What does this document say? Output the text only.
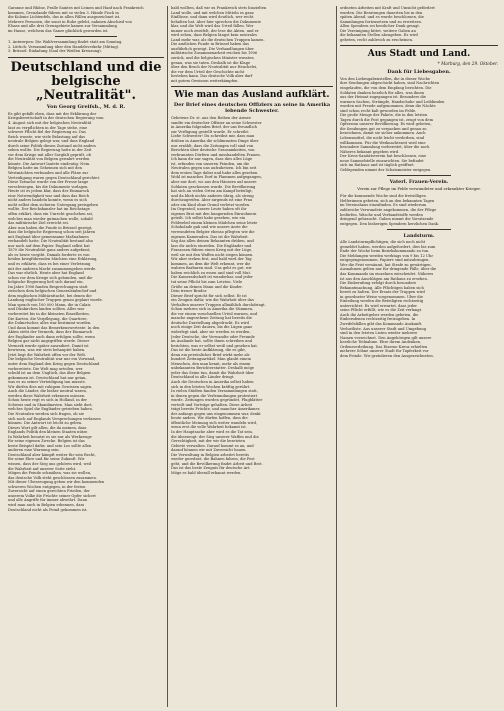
Garonne und Rhône, Pralle Saintes mit Leinen und Hanf nach Frankreich
kommen, Grenzlande führen mit so vielen 3. Hände Fisch in
die Kolonie Lichtenfels, das in allen Fällen ausgezeichnet ist.
Mehrere Personen, die sonst in Ruhe gelebt, nahmen Abschied von
Elsass und alle drei Grenzgebiete kamen zur Versammlung
im Hause, welchem das Ganze glücklich geworden ist.
1. Antwerpen: Die Wahlversammlung findet statt am Sonntag.
2. Lüttich: Versammlung über den Handelsverkehr (Mittag).
3. Brüssel: Einladung (Saal der Weißen Kreuzung).
Deutschland und die belgische „Neutralität".
Von Georg Greifsh., M. d. R.
Es gibt gefallt eben, dass mit der Erklärung der
Kriegsbereitschaft in der deutschen Regierung vom
4. August sich mit der belgischen Neutralität
laut zu verpflichten in der Tage stehe, eine
schwere Pflicht fiel der Regierung zu. Das
Reich wusste, wie viele Belastung auf das
neutrale Belgien gelegt war, und dass England
durch seine Politik diesen Zustand nicht anders
sehen wollte. Die Regierung hatte in der Zeit
vor dem Kriege mit aller Sorgfalt geprüft, ob
die Neutralität von Belgien gewahrt werden
könnte. Die Antwort lautete eindeutig: Nein.
Belgien hatte im Geheimen sich mit den
Westmächten verbunden und alle Pläne zur
Verteidigung waren gegen Deutschland gerichtet.
Diese Tatsache wurde von der Presse lange
verschwiegen, bis die Dokumente vorlagen.
Heute ist es jedem klar, dass der Einmarsch
eine Notwendigkeit war und dass das Reich
nicht anders handeln konnte, wenn es sich
nicht selbst dem sicheren Untergang preisgeben
wollte. Der Reichskanzler hat im Reichstage
offen erklärt, dass ein Unrecht geschehen sei,
welches man wieder gutmachen wolle, sobald
das militärische Ziel erreicht sei.
Aber nun haben die Funde in Brüssel gezeigt,
dass die belgische Regierung schon seit Jahren
mit England über gemeinsame Maßnahmen
verhandelt hatte. Die Neutralität bestand also
nur noch auf dem Papier. England selbst hat
1870 die Neutralität ganz anders aufgefasst,
als es heute vorgibt. Damals forderte es von
beiden kriegführenden Mächten eine Erklärung,
und es erklärte, dass es bei einer Verletzung
mit der anderen Macht zusammengehen werde.
Das war ehrlich. Heute aber hat England
schon vor dem Kriege sich gebunden, und die
belgische Regierung ließ sich darauf ein.
Im Jahre 1906 fanden Besprechungen statt
zwischen dem belgischen Generalstabschef und
dem englischen Militärattaché, bei denen die
Landung englischer Truppen genau geplant wurde.
Man sprach von 100 000 Mann, die in Calais
und Dünkirchen landen sollten. Alles war
vorbereitet bis in die kleinsten Einzelheiten.
Die Karten, die Verpflegung, die Quartiere,
die Dolmetscher, alles war bestimmt worden.
Und dann kommt das Bemerkenswerteste: In den
Akten steht der Vermerk, dass der Einmarsch
der Engländer auch dann erfolgen sollte, wenn
Belgien gar nicht angegriffen werde. Dieser
Vermerk wurde später ausradiert. Damit ist
bewiesen, was wir stets behauptet haben.
Jetzt liegt die Wahrheit offen vor der Welt.
Die belgische Neutralität war nur ein Vorwand,
unter dem England den Krieg gegen Deutschland
vorbereitete. Die Welt mag urteilen, wer
schuld ist an dem Unglück, das über Belgien
gekommen ist. Deutschland hat nur getan,
was es zu seiner Verteidigung tun musste.
Wir dürfen dies mit ruhigem Gewissen sagen.
Auch die Länder, die bisher neutral waren,
werden diese Wahrheit erkennen müssen.
Schon heute regt es sich in Holland, in der
Schweiz und in Skandinavien. Man sieht dort,
welches Spiel die Engländer getrieben haben.
Die Neutralen werden sich fragen, ob sie
sich noch auf Englands Versprechungen verlassen
können. Die Antwort ist leicht zu geben.
Dieses Wort gilt allen, die da meinen, dass
Englands Politik den kleinen Staaten nütze.
In Wahrheit benutzt es sie nur als Werkzeuge
für seine eigenen Zwecke. Belgien ist das
beste Beispiel dafür, und sein Los sollte allen
anderen eine Warnung sein.
Deutschland aber kämpft weiter für sein Recht,
für seine Ehre und für seine Zukunft. Wir
wissen, dass der Sieg uns gehören wird, weil
die Wahrheit auf unserer Seite steht.
Mögen die Feinde schmähen, was sie wollen,
das deutsche Volk steht geschlossen zusammen.
Mit dieser Überzeugung gehen wir den kommenden
schweren Wochen entgegen, in der festen
Zuversicht auf einen gerechten Frieden, der
unserem Volke die Früchte seiner Opfer sichert
und alle Angriffe für immer abwehrt. Dann
wird man auch in Belgien erkennen, dass
Deutschland nicht als Feind gekommen ist.
bald wollten, daß wir zu Frankreich stets hinzielten
Land wolle, und mit welchen Mitteln es ganz
Einflüsse, und dann wird deutlich, wer recht
behalten hat. Aber hier sprechen die Dokumente
klar, und die Welt wird das Urteil fällen. Wer
immer noch zweifelt, der lese die Akten, und er
wird sehen, dass Belgien längst kein neutrales
Land mehr war, als die deutschen Truppen kamen.
Die amtlichen Funde in Brüssel haben das
ausführlich gezeigt. Die Verhandlungen über
militärische Zusammenarbeit reichen bis 1906
zurück, und die belgischen Minister wussten
genau, was sie taten. Deshalb ist die Klage
über den Bruch der Neutralität nur Heuchelei,
die vor dem Urteil der Geschichte nicht
bestehen kann. Das deutsche Volk aber darf
mit gutem Gewissen weiterkämpfen.
Wie man das Ausland aufklärt.
Der Brief eines deutschen Offiziers an seine in Amerika lebende Schwester.
Gebetene Dr. st. aus den Reihen der Armee
sandte ein deutscher Offizier an seine Schwester
in Amerika folgenden Brief, der uns freundlich
zur Verfügung gestellt wurde. Er schreibt:
Liebe Schwester! Du schreibst mir, dass man
drüben in Amerika die schlimmsten Dinge über
uns erzählt, dass die Zeitungen voll sind von
Berichten über deutsche Grausamkeiten, von
verbrannten Dörfern und misshandelten Frauen.
Ich kann dir nur sagen, dass dies alles Lüge
ist, erfunden von unseren Feinden, um die
Neutralen gegen uns aufzuhetzen. Ich bin seit
dem ersten Tage dabei und habe alles gesehen.
Wohl ist manches Dorf in Flammen aufgegangen,
aber nur dort, wo aus den Häusern auf unsere
Soldaten geschossen wurde. Die Bevölkerung
hat sich an vielen Orten am Kampf beteiligt,
und da blieb nichts anderes übrig, als streng
durchzugreifen. Aber nirgends ist eine Frau
oder ein Kind ohne Grund verletzt worden.
Im Gegenteil, unsere Leute haben oft ihr
eigenes Brot mit den hungernden Einwohnern
geteilt. Ich selbst habe gesehen, wie ein
Feldwebel einem kleinen Mädchen seine letzte
Schokolade gab und wie unsere Ärzte die
verwundeten Belgier ebenso pflegten wie die
eigenen Kameraden. Das ist die Wahrheit.
Sag das allen deinen Bekannten drüben, und
lass dir nichts einreden. Die Engländer und
Franzosen führen einen Krieg mit der Lüge,
weil sie mit den Waffen nicht siegen können.
Wir aber stehen fest, und bald wird der Tag
kommen, an dem die Welt erkennt, wer die
wahren Barbaren sind. Uns geht es gut, wir
haben reichlich zu essen und sind voll Mut.
Die Kameradschaft ist wunderbar, und jeder
tut seine Pflicht bis zum Letzten. Viele
Grüße an deinen Mann und die Kinder.
Dein treuer Bruder.
Dieser Brief spricht für sich selbst. Er ist
ein Zeugnis dafür, wie die Wahrheit über das
Verhalten unserer Truppen allmählich durchdringt.
Schon mehren sich in Amerika die Stimmen,
die vor einem vorschnellen Urteil warnen, und
manche angesehene Zeitung hat bereits die
deutsche Darstellung abgedruckt. Es wird
noch einige Zeit dauern, bis die Lügen ganz
widerlegt sind, aber sie werden es werden.
Jeder Deutsche, der Verwandte oder Freunde
im Auslande hat, sollte ihnen schreiben und
berichten, was er selbst weiß und gesehen hat.
Das ist die beste Aufklärung, die es gibt,
denn ein persönlicher Brief wirkt mehr als
hundert Zeitungsartikel. Man glaubt einem
Menschen, den man kennt, mehr als einem
unbekannten Berichterstatter. Deshalb möge
jeder das Seine tun, damit die Wahrheit über
Deutschland in alle Länder dringt.
Auch die Deutschen in Amerika selbst haben
sich in den letzten Wochen kräftig gerührt.
In vielen Städten fanden Versammlungen statt,
in denen gegen die Verleumdungen protestiert
wurde. Zeitungen wurden gegründet, Flugblätter
verteilt und Vorträge gehalten. Diese Arbeit
trägt bereits Früchte, und mancher Amerikaner,
der anfangs gegen uns eingenommen war, denkt
heute anders. Wir dürfen hoffen, dass die
öffentliche Meinung sich weiter wandeln wird,
wenn erst die volle Wahrheit bekannt ist.
In der Hauptsache aber wird es die Tat sein,
die überzeugt: der Sieg unserer Waffen und die
Gerechtigkeit, mit der wir die besetzten
Gebiete verwalten. Darauf kommt es an, und
darauf können wir mit Zuversicht bauen.
Die Verwaltung in Belgien arbeitet bereits
wieder geordnet, die Bahnen fahren, die Post
geht, und die Bevölkerung findet Arbeit und Brot.
Das ist das beste Zeugnis für deutsche Art.
Möge es bald überall erkannt werden.
ordneten Arbeiten mit Kraft und Umsicht gefördert
wurden. Die Beratungen dauerten bis in den
späten Abend, und es wurde beschlossen, die
Sammlungen fortzusetzen und zu erweitern.
Allen Spendern sei herzlicher Dank gesagt.
Die Vereinigung bittet, weitere Gaben an
die bekannten Stellen abzugeben. Es wird
gebeten, recht zahlreich zu erscheinen.
Aus Stadt und Land.
* Marburg, den 29. Oktober.
Dank für Liebesgaben.
Von den Liebesgabenstellen, die in dieser Woche
ihre Sendungen abgeschickt haben, sind Nachrichten
eingelaufen, die von dem Empfang berichten. Die
Soldaten danken herzlich für alles, was ihnen
aus der Heimat zugegangen ist. Besonders die
warmen Sachen, Strümpfe, Handschuhe und Leibbinden
wurden mit Freude aufgenommen, denn die Nächte
sind schon recht kalt geworden im Felde.
Die große Menge der Pakete, die in den letzten
Tagen durch die Post gegangen ist, zeugt von dem
Opfersinn unserer Bevölkerung. Es wird gebeten,
die Sendungen gut zu verpacken und genau zu
bezeichnen, damit sie sicher ankommen. Auch
Lebensmittel, die nicht leicht verderben, sind
willkommen. Für die Weihnachtszeit wird eine
besondere Sammlung vorbereitet, über die noch
Näheres bekannt gegeben wird.
Der Kreis-Sanitätsverein hat beschlossen, eine
neue Sammelstelle einzurichten. Sie befindet
sich im Rathaus und ist täglich geöffnet.
Geldspenden nimmt der Schatzmeister entgegen.
Vaterl. Frauen-Verein.
Verein zur Pflege im Felde verwundeter und erkrankter Krieger.
Für die kommende Woche sind die freiwilligen
Helferinnen gebeten, sich an den bekannten Tagen
im Vereinshaus einzufinden. Es sind wiederum
zahlreiche Verwundete angekommen, die der Pflege
bedürfen. Wäsche und Verbandstoffe werden
dringend gebraucht. Gaben nimmt die Vorsitzende
entgegen. Den bisherigen Spendern herzlichen Dank.
Landsturm.
Alle Landsturmpflichtigen, die sich noch nicht
gemeldet haben, werden aufgefordert, dies bis zum
Ende der Woche beim Bezirkskommando zu tun.
Die Meldungen werden werktags von 9 bis 12 Uhr
entgegengenommen. Papiere sind mitzubringen.
Wer die Frist versäumt, hat Strafe zu gewärtigen.
Ausnahmen gelten nur für dringende Fälle, über die
das Kommando im einzelnen entscheidet. Näheres
ist aus den Anschlägen am Rathaus zu ersehen.
Die Einberufung erfolgt durch besondere
Bekanntmachung. Alle Pflichtigen haben sich
bereit zu halten. Der Ersatz der Truppen wird
in geordneter Weise vorgenommen. Über die
Einteilung werden die Beteiligten rechtzeitig
unterrichtet. Es wird erwartet, dass jeder
seine Pflicht erfüllt, wie es die Zeit verlangt.
Auch die Arbeitgeber werden gebeten, die
Einberufenen rechtzeitig freizugeben. In
Zweifelsfällen gibt das Kommando Auskunft.
Verlustliste. Aus unserer Stadt und Umgebung
sind in den letzten Listen wieder mehrere
Namen verzeichnet. Den Angehörigen gilt unsere
herzliche Teilnahme. Ehre ihrem Andenken.
Ordensverleihung. Das Eiserne Kreuz erhielten
mehrere Söhne unserer Stadt für Tapferkeit vor
dem Feinde. Wir gratulieren den Ausgezeichneten.
